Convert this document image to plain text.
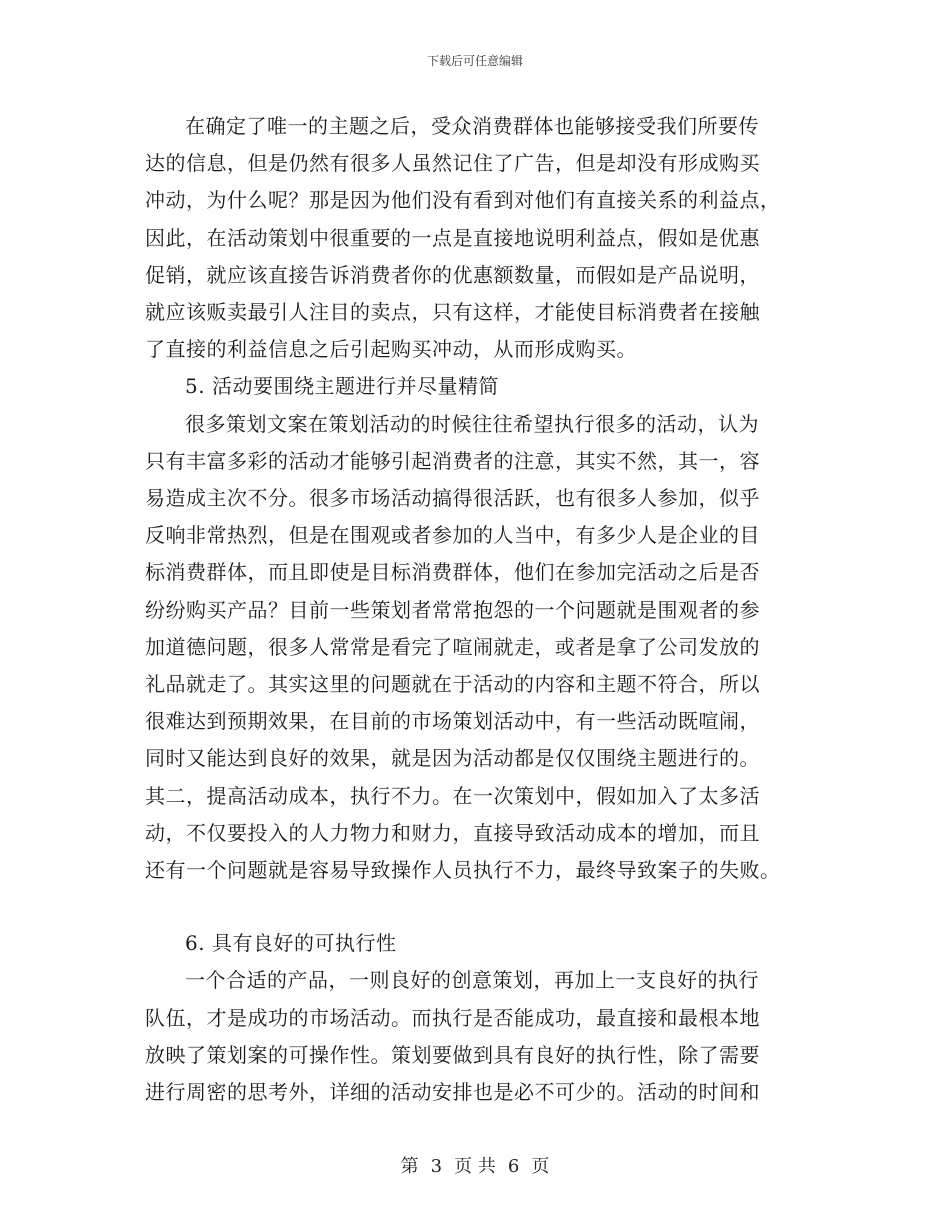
下载后可任意编辑

在确定了唯一的主题之后，受众消费群体也能够接受我们所要传
达的信息，但是仍然有很多人虽然记住了广告，但是却没有形成购买
冲动，为什么呢？那是因为他们没有看到对他们有直接关系的利益点，
因此，在活动策划中很重要的一点是直接地说明利益点，假如是优惠
促销，就应该直接告诉消费者你的优惠额数量，而假如是产品说明，
就应该贩卖最引人注目的卖点，只有这样，才能使目标消费者在接触
了直接的利益信息之后引起购买冲动，从而形成购买。

5. 活动要围绕主题进行并尽量精简

很多策划文案在策划活动的时候往往希望执行很多的活动，认为
只有丰富多彩的活动才能够引起消费者的注意，其实不然，其一，容
易造成主次不分。很多市场活动搞得很活跃，也有很多人参加，似乎
反响非常热烈，但是在围观或者参加的人当中，有多少人是企业的目
标消费群体，而且即使是目标消费群体，他们在参加完活动之后是否
纷纷购买产品？目前一些策划者常常抱怨的一个问题就是围观者的参
加道德问题，很多人常常是看完了喧闹就走，或者是拿了公司发放的
礼品就走了。其实这里的问题就在于活动的内容和主题不符合，所以
很难达到预期效果，在目前的市场策划活动中，有一些活动既喧闹，
同时又能达到良好的效果，就是因为活动都是仅仅围绕主题进行的。
其二，提高活动成本，执行不力。在一次策划中，假如加入了太多活
动，不仅要投入的人力物力和财力，直接导致活动成本的增加，而且
还有一个问题就是容易导致操作人员执行不力，最终导致案子的失败。

6. 具有良好的可执行性

一个合适的产品，一则良好的创意策划，再加上一支良好的执行
队伍，才是成功的市场活动。而执行是否能成功，最直接和最根本地
放映了策划案的可操作性。策划要做到具有良好的执行性，除了需要
进行周密的思考外，详细的活动安排也是必不可少的。活动的时间和

第 3 页 共 6 页
